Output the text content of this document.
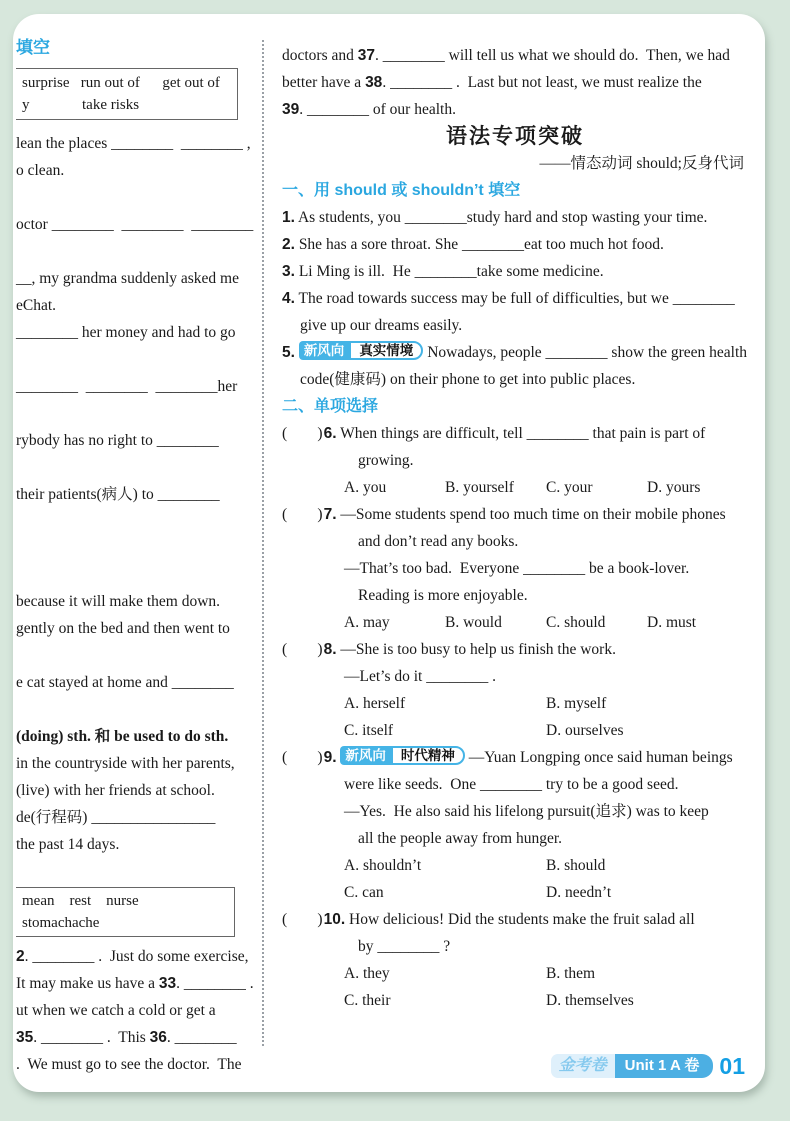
填空
surprise   run out of      get out of
y              take risks
lean the places ________  ________ ,
o clean.
octor ________  ________  ________
__, my grandma suddenly asked me
eChat.
________ her money and had to go
________  ________  ________her
rybody has no right to ________
their patients(病人) to ________
because it will make them down.
gently on the bed and then went to
e cat stayed at home and ________
(doing) sth. 和 be used to do sth.
in the countryside with her parents,
(live) with her friends at school.
de(行程码) ________________
the past 14 days.
mean    rest    nurse    stomachache
2. ________ .  Just do some exercise,
It may make us have a 33. ________ .
ut when we catch a cold or get a
35. ________ .  This 36. ________
.  We must go to see the doctor.  The
doctors and 37. ________ will tell us what we should do.  Then, we had
better have a 38. ________ .  Last but not least, we must realize the
39. ________ of our health.
语法专项突破
——情态动词 should;反身代词
一、用 should 或 shouldn’t 填空
1. As students, you ________study hard and stop wasting your time.
2. She has a sore throat. She ________eat too much hot food.
3. Li Ming is ill.  He ________take some medicine.
4. The road towards success may be full of difficulties, but we ________
give up our dreams easily.
5. 新风向 真实情境 Nowadays, people ________ show the green health
code(健康码) on their phone to get into public places.
二、单项选择
(      )6. When things are difficult, tell ________ that pain is part of
growing.
A. you	B. yourself	C. your	D. yours
(      )7. —Some students spend too much time on their mobile phones
and don’t read any books.
—That’s too bad.  Everyone ________ be a book-lover.
Reading is more enjoyable.
A. may	B. would	C. should	D. must
(      )8. —She is too busy to help us finish the work.
—Let’s do it ________ .
A. herself	B. myself
C. itself	D. ourselves
(      )9. 新风向 时代精神 —Yuan Longping once said human beings
were like seeds.  One ________ try to be a good seed.
—Yes.  He also said his lifelong pursuit(追求) was to keep
all the people away from hunger.
A. shouldn’t	B. should
C. can	D. needn’t
(      )10. How delicious! Did the students make the fruit salad all
by ________ ?
A. they	B. them
C. their	D. themselves
金考卷	Unit 1 A 卷 01
